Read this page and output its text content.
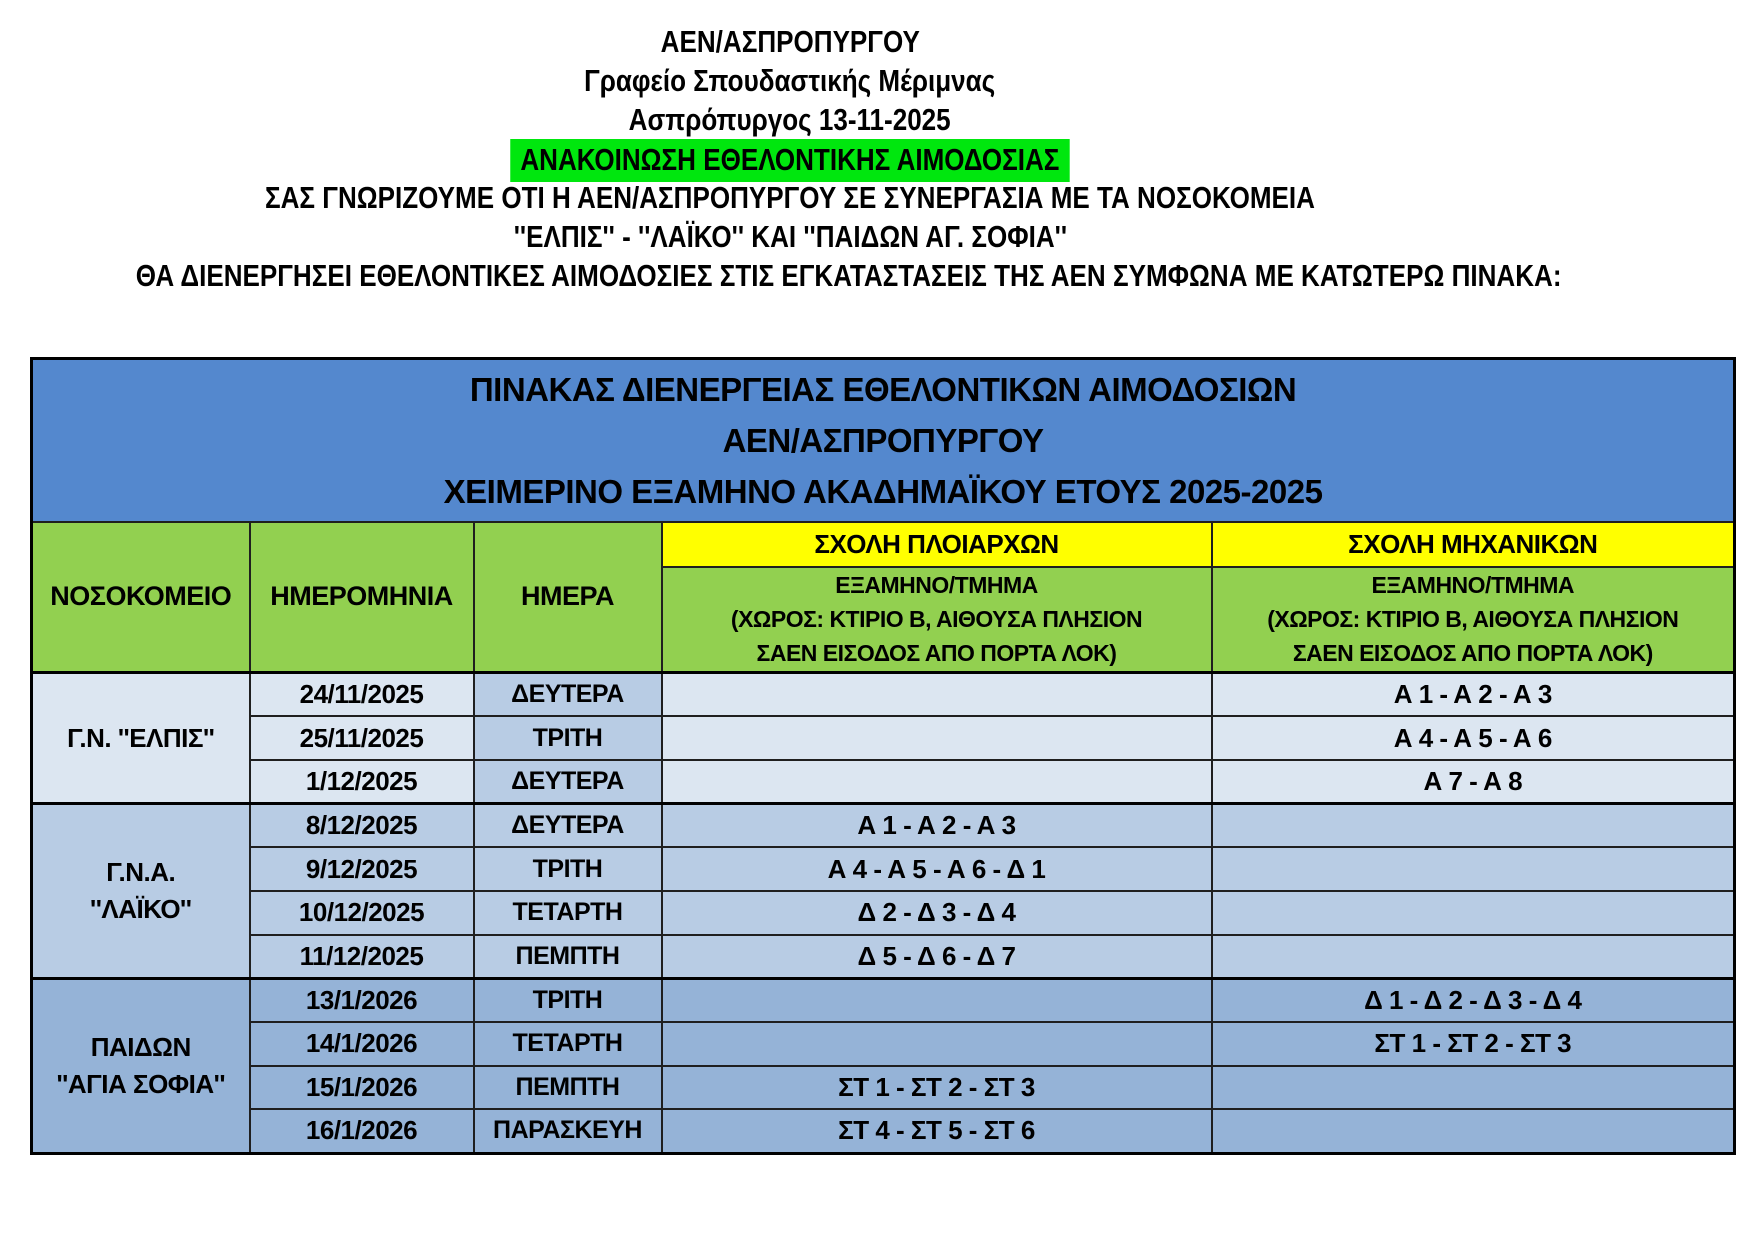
ΑΕΝ/ΑΣΠΡΟΠΥΡΓΟΥ
Γραφείο Σπουδαστικής Μέριμνας
Ασπρόπυργος 13-11-2025
ΑΝΑΚΟΙΝΩΣΗ ΕΘΕΛΟΝΤΙΚΗΣ ΑΙΜΟΔΟΣΙΑΣ
ΣΑΣ ΓΝΩΡΙΖΟΥΜΕ ΟΤΙ Η ΑΕΝ/ΑΣΠΡΟΠΥΡΓΟΥ ΣΕ ΣΥΝΕΡΓΑΣΙΑ ΜΕ ΤΑ ΝΟΣΟΚΟΜΕΙΑ
''ΕΛΠΙΣ'' - ''ΛΑΪΚΟ'' ΚΑΙ ''ΠΑΙΔΩΝ ΑΓ. ΣΟΦΙΑ''
ΘΑ ΔΙΕΝΕΡΓΗΣΕΙ ΕΘΕΛΟΝΤΙΚΕΣ ΑΙΜΟΔΟΣΙΕΣ ΣΤΙΣ ΕΓΚΑΤΑΣΤΑΣΕΙΣ ΤΗΣ ΑΕΝ ΣΥΜΦΩΝΑ ΜΕ ΚΑΤΩΤΕΡΩ ΠΙΝΑΚΑ:
ΠΙΝΑΚΑΣ ΔΙΕΝΕΡΓΕΙΑΣ ΕΘΕΛΟΝΤΙΚΩΝ ΑΙΜΟΔΟΣΙΩΝ
ΑΕΝ/ΑΣΠΡΟΠΥΡΓΟΥ
ΧΕΙΜΕΡΙΝΟ ΕΞΑΜΗΝΟ ΑΚΑΔΗΜΑΪΚΟΥ ΕΤΟΥΣ 2025-2025				

ΝΟΣΟΚΟΜΕΙΟ	ΗΜΕΡΟΜΗΝΙΑ	ΗΜΕΡΑ	ΣΧΟΛΗ ΠΛΟΙΑΡΧΩΝ	ΣΧΟΛΗ ΜΗΧΑΝΙΚΩΝ

ΕΞΑΜΗΝΟ/ΤΜΗΜΑ
(ΧΩΡΟΣ: ΚΤΙΡΙΟ Β, ΑΙΘΟΥΣΑ ΠΛΗΣΙΟΝ
ΣΑΕΝ ΕΙΣΟΔΟΣ ΑΠΟ ΠΟΡΤΑ ΛΟΚ)

ΕΞΑΜΗΝΟ/ΤΜΗΜΑ
(ΧΩΡΟΣ: ΚΤΙΡΙΟ Β, ΑΙΘΟΥΣΑ ΠΛΗΣΙΟΝ
ΣΑΕΝ ΕΙΣΟΔΟΣ ΑΠΟ ΠΟΡΤΑ ΛΟΚ)

Γ.Ν. ''ΕΛΠΙΣ''	24/11/2025	ΔΕΥΤΕΡΑ		Α 1 - Α 2 - Α 3
	25/11/2025	ΤΡΙΤΗ		Α 4 - Α 5 - Α 6
	1/12/2025	ΔΕΥΤΕΡΑ		Α 7 - Α 8

Γ.Ν.Α.
''ΛΑΪΚΟ''	8/12/2025	ΔΕΥΤΕΡΑ	Α 1 - Α 2 - Α 3	
	9/12/2025	ΤΡΙΤΗ	Α 4 - Α 5 - Α 6 - Δ 1	
	10/12/2025	ΤΕΤΑΡΤΗ	Δ 2 - Δ 3 - Δ 4	
	11/12/2025	ΠΕΜΠΤΗ	Δ 5 - Δ 6 - Δ 7	

ΠΑΙΔΩΝ
''ΑΓΙΑ ΣΟΦΙΑ''	13/1/2026	ΤΡΙΤΗ		Δ 1 - Δ 2 - Δ 3 - Δ 4
	14/1/2026	ΤΕΤΑΡΤΗ		ΣΤ 1 - ΣΤ 2 - ΣΤ 3
	15/1/2026	ΠΕΜΠΤΗ	ΣΤ 1 - ΣΤ 2 - ΣΤ 3	
	16/1/2026	ΠΑΡΑΣΚΕΥΗ	ΣΤ 4 - ΣΤ 5 - ΣΤ 6	
